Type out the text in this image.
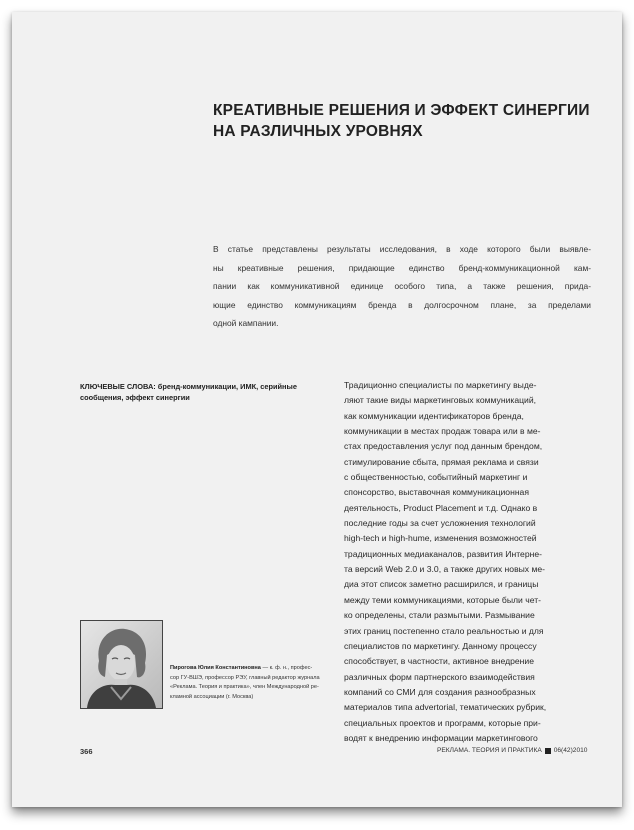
КРЕАТИВНЫЕ РЕШЕНИЯ И ЭФФЕКТ СИНЕРГИИ
НА РАЗЛИЧНЫХ УРОВНЯХ
В статье представлены результаты исследования, в ходе которого были выявле-
ны креативные решения, придающие единство бренд-коммуникационной кам-
пании как коммуникативной единице особого типа, а также решения, прида-
ющие единство коммуникациям бренда в долгосрочном плане, за пределами
одной кампании.
КЛЮЧЕВЫЕ СЛОВА: бренд-коммуникации, ИМК, серийные
сообщения, эффект синергии
Традиционно специалисты по маркетингу выде-
ляют такие виды маркетинговых коммуникаций,
как коммуникации идентификаторов бренда,
коммуникации в местах продаж товара или в ме-
стах предоставления услуг под данным брендом,
стимулирование сбыта, прямая реклама и связи
с общественностью, событийный маркетинг и
спонсорство, выставочная коммуникационная
деятельность, Product Placement и т.д. Однако в
последние годы за счет усложнения технологий
high-tech и high-hume, изменения возможностей
традиционных медиаканалов, развития Интерне-
та версий Web 2.0 и 3.0, а также других новых ме-
диа этот список заметно расширился, и границы
между теми коммуникациями, которые были чет-
ко определены, стали размытыми. Размывание
этих границ постепенно стало реальностью и для
специалистов по маркетингу. Данному процессу
способствует, в частности, активное внедрение
различных форм партнерского взаимодействия
компаний со СМИ для создания разнообразных
материалов типа advertorial, тематических рубрик,
специальных проектов и программ, которые при-
водят к внедрению информации маркетингового
Пирогова Юлия Константиновна — к. ф. н., профес-
сор ГУ-ВШЭ, профессор РЭУ, главный редактор журнала
«Реклама. Теория и практика», член Международной ре-
кламной ассоциации (г. Москва)
366	РЕКЛАМА. ТЕОРИЯ И ПРАКТИКА 06(42)2010
